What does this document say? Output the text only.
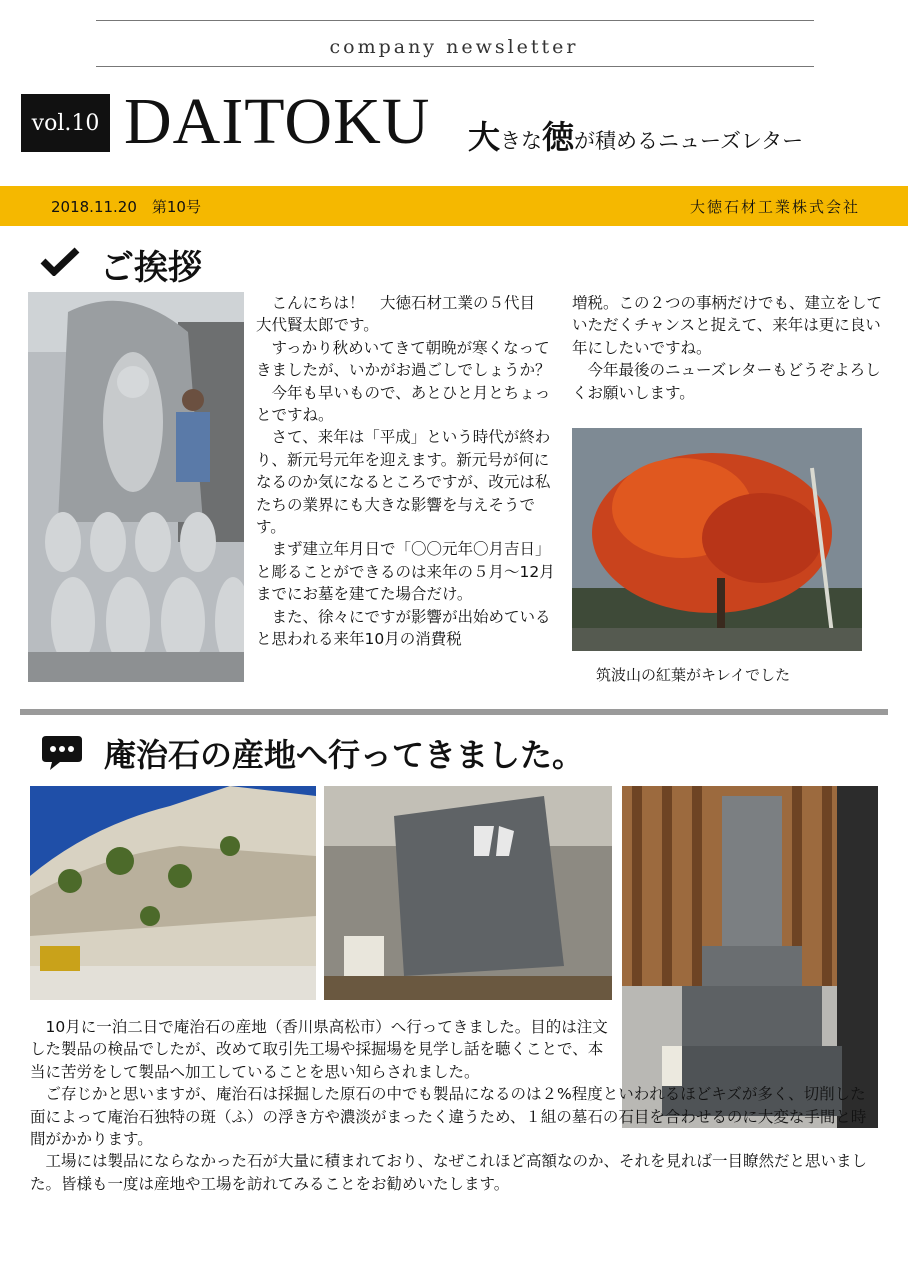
company newsletter
vol.10 DAITOKU 大きな徳が積めるニューズレター
2018.11.20　第10号	大徳石材工業株式会社
ご挨拶

こんにちは！　大徳石材工業の５代目　大代賢太郎です。

すっかり秋めいてきて朝晩が寒くなってきましたが、いかがお過ごしでしょうか？

今年も早いもので、あとひと月とちょっとですね。

さて、来年は「平成」という時代が終わり、新元号元年を迎えます。新元号が何になるのか気になるところですが、改元は私たちの業界にも大きな影響を与えそうです。

まず建立年月日で「〇〇元年〇月吉日」と彫ることができるのは来年の５月～12月までにお墓を建てた場合だけ。

また、徐々にですが影響が出始めていると思われる来年10月の消費税

増税。この２つの事柄だけでも、建立をしていただくチャンスと捉えて、来年は更に良い年にしたいですね。

今年最後のニューズレターもどうぞよろしくお願いします。

筑波山の紅葉がキレイでした
庵治石の産地へ行ってきました。

10月に一泊二日で庵治石の産地（香川県高松市）へ行ってきました。目的は注文した製品の検品でしたが、改めて取引先工場や採掘場を見学し話を聴くことで、本当に苦労をして製品へ加工していることを思い知らされました。

ご存じかと思いますが、庵治石は採掘した原石の中でも製品になるのは２%程度といわれるほどキズが多く、切削した面によって庵治石独特の斑（ふ）の浮き方や濃淡がまったく違うため、１組の墓石の石目を合わせるのに大変な手間と時間がかかります。

工場には製品にならなかった石が大量に積まれており、なぜこれほど高額なのか、それを見れば一目瞭然だと思いました。皆様も一度は産地や工場を訪れてみることをお勧めいたします。
